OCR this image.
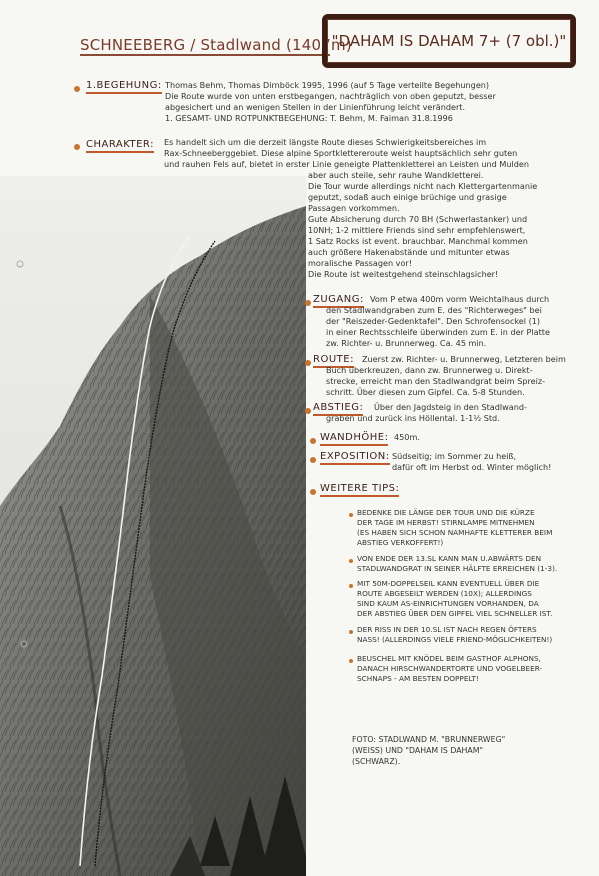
SCHNEEBERG / Stadlwand (1407m)
"DAHAM IS DAHAM 7+ (7 obl.)"
1.BEGEHUNG: Thomas Behm, Thomas Dirnböck 1995, 1996 (auf 5 Tage verteilte Begehungen)
Die Route wurde von unten erstbegangen, nachträglich von oben geputzt, besser
abgesichert und an wenigen Stellen in der Linienführung leicht verändert.
1. GESAMT- UND ROTPUNKTBEGEHUNG: T. Behm, M. Faiman 31.8.1996
CHARAKTER: Es handelt sich um die derzeit längste Route dieses Schwierigkeitsbereiches im
Rax-Schneeberggebiet. Diese alpine Sportklettereroute weist hauptsächlich sehr guten
und rauhen Fels auf, bietet in erster Linie geneigte Plattenkletterei an Leisten und Mulden
aber auch steile, sehr rauhe Wandkletterei.
Die Tour wurde allerdings nicht nach Klettergartenmanie
geputzt, sodaß auch einige brüchige und grasige
Passagen vorkommen.
Gute Absicherung durch 70 BH (Schwerlastanker) und
10NH; 1-2 mittlere Friends sind sehr empfehlenswert,
1 Satz Rocks ist event. brauchbar. Manchmal kommen
auch größere Hakenabstände und mitunter etwas
moralische Passagen vor!
Die Route ist weitestgehend steinschlagsicher!
ZUGANG: Vom P etwa 400m vorm Weichtalhaus durch
den Stadlwandgraben zum E. des "Richterweges" bei
der "Reiszeder-Gedenktafel". Den Schrofensockel (1)
in einer Rechtsschleife überwinden zum E. in der Platte
zw. Richter- u. Brunnerweg. Ca. 45 min.
ROUTE: Zuerst zw. Richter- u. Brunnerweg, Letzteren beim
Buch überkreuzen, dann zw. Brunnerweg u. Direkt-
strecke, erreicht man den Stadlwandgrat beim Spreiz-
schritt. Über diesen zum Gipfel. Ca. 5-8 Stunden.
ABSTIEG:	Über den Jagdsteig in den Stadlwand-
graben und zurück ins Höllental. 1-1½ Std.
WANDHÖHE: 450m.
EXPOSITION: Südseitig; im Sommer zu heiß,
dafür oft im Herbst od. Winter möglich!
WEITERE TIPS:
BEDENKE DIE LÄNGE DER TOUR UND DIE KÜRZE
DER TAGE IM HERBST! STIRNLAMPE MITNEHMEN
(ES HABEN SICH SCHON NAMHAFTE KLETTERER BEIM
ABSTIEG VERKOFFERT!)
VON ENDE DER 13.SL KANN MAN U.ABWÄRTS DEN
STADLWANDGRAT IN SEINER HÄLFTE ERREICHEN (1-3).
MIT 50M-DOPPELSEIL KANN EVENTUELL ÜBER DIE
ROUTE ABGESEILT WERDEN (10X); ALLERDINGS
SIND KAUM AS-EINRICHTUNGEN VORHANDEN, DA
DER ABSTIEG ÜBER DEN GIPFEL VIEL SCHNELLER IST.
DER RISS IN DER 10.SL IST NACH REGEN ÖFTERS
NASS! (ALLERDINGS VIELE FRIEND-MÖGLICHKEITEN!)
BEUSCHEL MIT KNÖDEL BEIM GASTHOF ALPHONS,
DANACH HIRSCHWANDERTORTE UND VOGELBEER-
SCHNAPS - AM BESTEN DOPPELT!
FOTO: STADLWAND M. "BRUNNERWEG"
(WEISS) UND "DAHAM IS DAHAM"
(SCHWARZ).
